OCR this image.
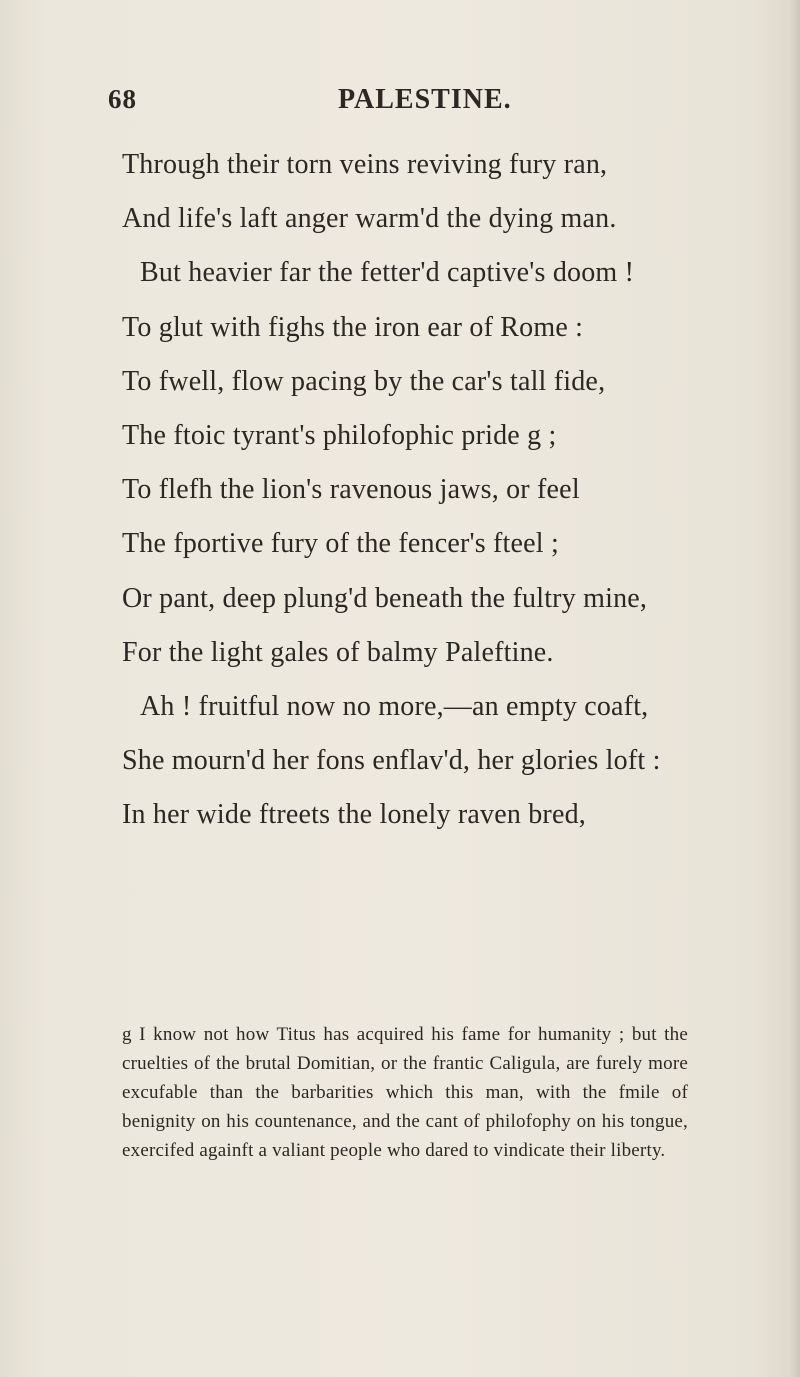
68	PALESTINE.
Through their torn veins reviving fury ran,
And life's laft anger warm'd the dying man.
But heavier far the fetter'd captive's doom !
To glut with fighs the iron ear of Rome :
To fwell, flow pacing by the car's tall fide,
The ftoic tyrant's philofophic pride g ;
To flefh the lion's ravenous jaws, or feel
The fportive fury of the fencer's fteel ;
Or pant, deep plung'd beneath the fultry mine,
For the light gales of balmy Paleftine.
Ah ! fruitful now no more,—an empty coaft,
She mourn'd her fons enflav'd, her glories loft :
In her wide ftreets the lonely raven bred,

g I know not how Titus has acquired his fame for humanity ; but the cruelties of the brutal Domitian, or the frantic Caligula, are furely more excufable than the barbarities which this man, with the fmile of benignity on his countenance, and the cant of philofophy on his tongue, exercifed againft a valiant people who dared to vindicate their liberty.
